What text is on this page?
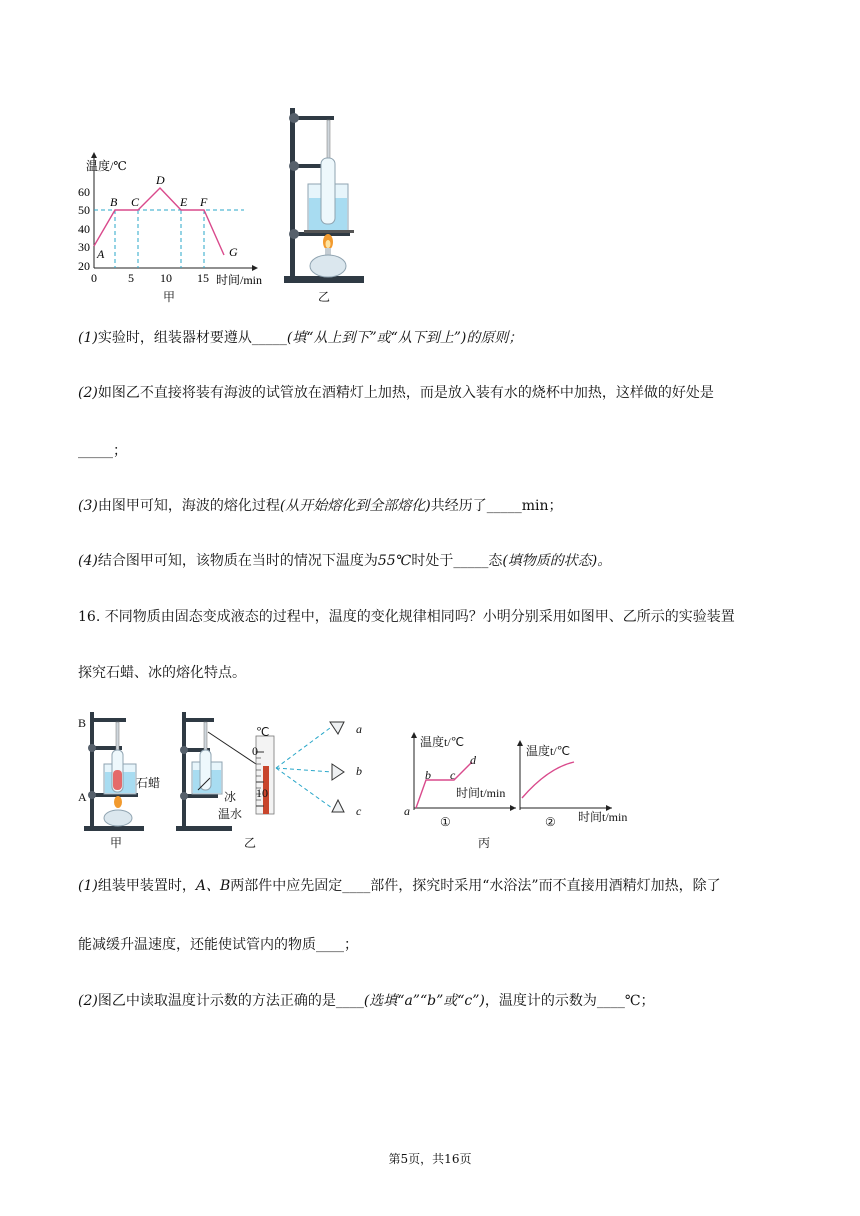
温度/℃
时间/min
60
50
40
30
20
0	5 10 15
A
B C
D
E F
G
甲	乙
(1)实验时，组装器材要遵从_____(填“从上到下”或“从下到上”)的原则；
(2)如图乙不直接将装有海波的试管放在酒精灯上加热，而是放入装有水的烧杯中加热，这样做的好处是
_____；
(3)由图甲可知，海波的熔化过程(从开始熔化到全部熔化)共经历了_____min；
(4)结合图甲可知，该物质在当时的情况下温度为55℃时处于_____态(填物质的状态)。
16. 不同物质由固态变成液态的过程中，温度的变化规律相同吗？小明分别采用如图甲、乙所示的实验装置
探究石蜡、冰的熔化特点。
B
A
石蜡
甲
冰
温水
℃
0
10
a
b
c
乙
温度t/℃
时间t/min
a
b c
d
①
温度t/℃
时间t/min
②
丙
(1)组装甲装置时，A、B两部件中应先固定____部件，探究时采用“水浴法”而不直接用酒精灯加热，除了
能减缓升温速度，还能使试管内的物质____；
(2)图乙中读取温度计示数的方法正确的是____(选填“a”“b”或“c”)，温度计的示数为____℃；
第5页，共16页
